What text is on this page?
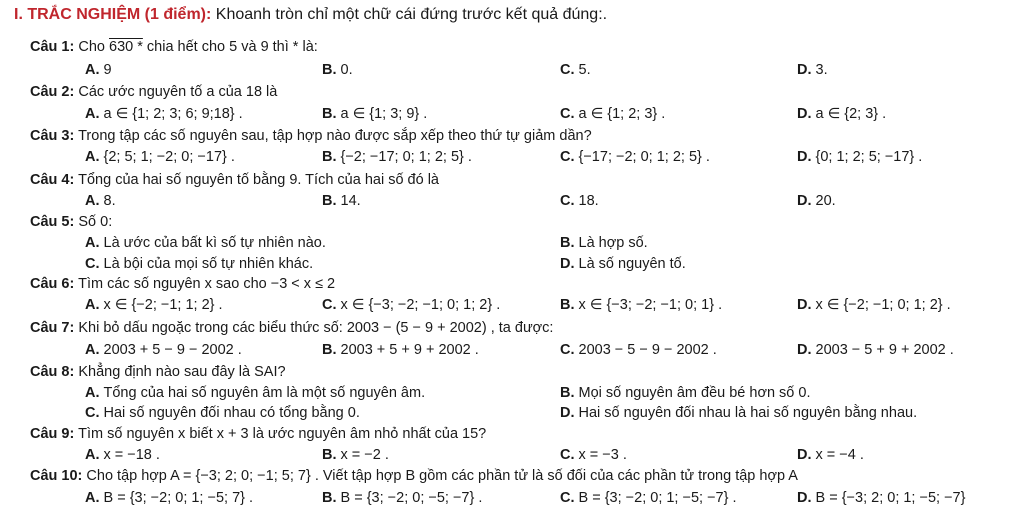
I. TRẮC NGHIỆM (1 điểm): Khoanh tròn chỉ một chữ cái đứng trước kết quả đúng:.
Câu 1: Cho 630 * chia hết cho 5 và 9 thì * là:
A. 9	B. 0.	C. 5.	D. 3.
Câu 2: Các ước nguyên tố a của 18 là
A. a ∈ {1; 2; 3; 6; 9;18} .	B. a ∈ {1; 3; 9} .	C. a ∈ {1; 2; 3} .	D. a ∈ {2; 3} .
Câu 3: Trong tập các số nguyên sau, tập hợp nào được sắp xếp theo thứ tự giảm dần?
A. {2; 5; 1; −2; 0; −17} .	B. {−2; −17; 0; 1; 2; 5} .	C. {−17; −2; 0; 1; 2; 5} .	D. {0; 1; 2; 5; −17} .
Câu 4: Tổng của hai số nguyên tố bằng 9. Tích của hai số đó là
A. 8.	B. 14.	C. 18.	D. 20.
Câu 5: Số 0:
A. Là ước của bất kì số tự nhiên nào.	B. Là hợp số.
C. Là bội của mọi số tự nhiên khác.	D. Là số nguyên tố.
Câu 6: Tìm các số nguyên x sao cho −3 < x ≤ 2
A. x ∈ {−2; −1; 1; 2} .	C. x ∈ {−3; −2; −1; 0; 1; 2} .	B. x ∈ {−3; −2; −1; 0; 1} .	D. x ∈ {−2; −1; 0; 1; 2} .
Câu 7: Khi bỏ dấu ngoặc trong các biểu thức số: 2003 − (5 − 9 + 2002) , ta được:
A. 2003 + 5 − 9 − 2002 .	B. 2003 + 5 + 9 + 2002 .	C. 2003 − 5 − 9 − 2002 .	D. 2003 − 5 + 9 + 2002 .
Câu 8: Khẳng định nào sau đây là SAI?
A. Tổng của hai số nguyên âm là một số nguyên âm.	B. Mọi số nguyên âm đều bé hơn số 0.
C. Hai số nguyên đối nhau có tổng bằng 0.	D. Hai số nguyên đối nhau là hai số nguyên bằng nhau.
Câu 9: Tìm số nguyên x biết x + 3 là ước nguyên âm nhỏ nhất của 15?
A. x = −18 .	B. x = −2 .	C. x = −3 .	D. x = −4 .
Câu 10: Cho tập hợp A = {−3; 2; 0; −1; 5; 7} . Viết tập hợp B gồm các phần tử là số đối của các phần tử trong tập hợp A
A. B = {3; −2; 0; 1; −5; 7} .	B. B = {3; −2; 0; −5; −7} .	C. B = {3; −2; 0; 1; −5; −7} .	D. B = {−3; 2; 0; 1; −5; −7}
